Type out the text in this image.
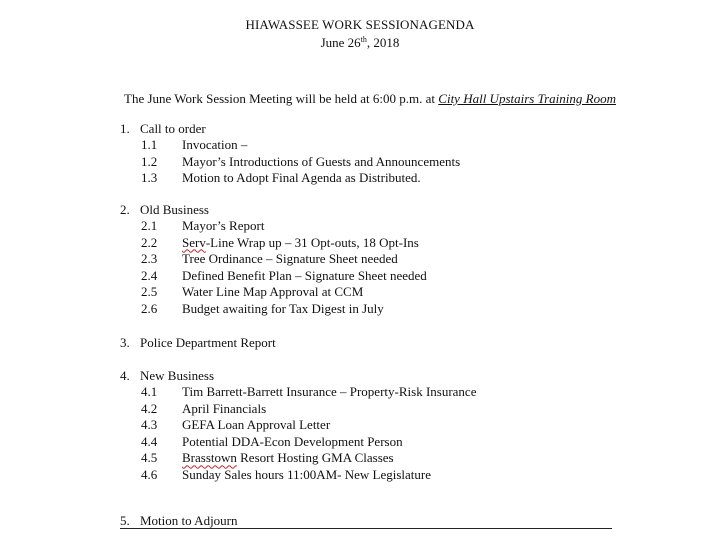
HIAWASSEE WORK SESSIONAGENDA
June 26th, 2018
The June Work Session Meeting will be held at 6:00 p.m. at City Hall Upstairs Training Room
1. Call to order
1.1 Invocation –
1.2 Mayor’s Introductions of Guests and Announcements
1.3 Motion to Adopt Final Agenda as Distributed.
2. Old Business
2.1 Mayor’s Report
2.2 Serv-Line Wrap up – 31 Opt-outs, 18 Opt-Ins
2.3 Tree Ordinance – Signature Sheet needed
2.4 Defined Benefit Plan – Signature Sheet needed
2.5 Water Line Map Approval at CCM
2.6 Budget awaiting for Tax Digest in July
3. Police Department Report
4. New Business
4.1 Tim Barrett-Barrett Insurance – Property-Risk Insurance
4.2 April Financials
4.3 GEFA Loan Approval Letter
4.4 Potential DDA-Econ Development Person
4.5 Brasstown Resort Hosting GMA Classes
4.6 Sunday Sales hours 11:00AM- New Legislature
5. Motion to Adjourn
